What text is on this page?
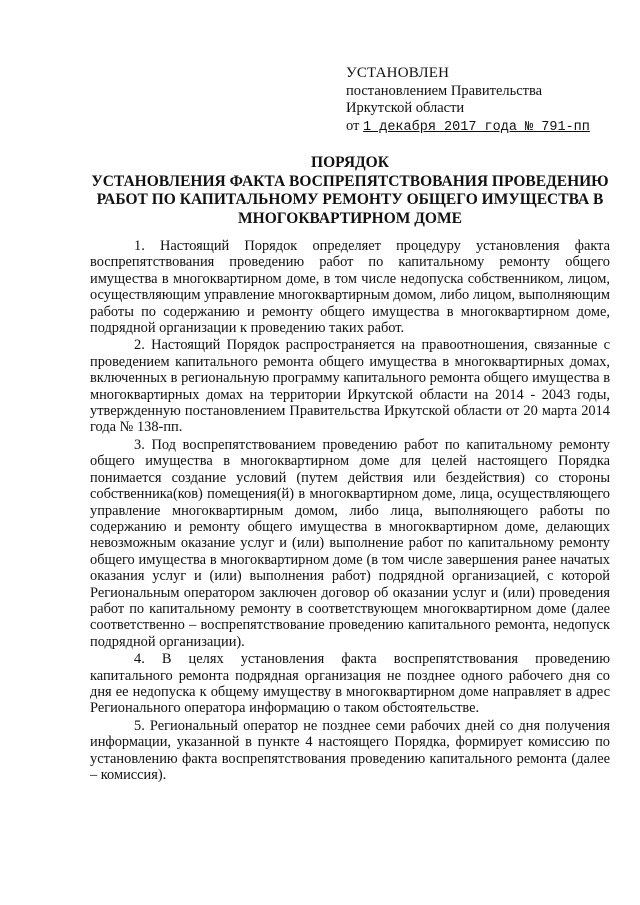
УСТАНОВЛЕН
постановлением Правительства
Иркутской области
от 1 декабря 2017 года № 791-пп
ПОРЯДОК
УСТАНОВЛЕНИЯ ФАКТА ВОСПРЕПЯТСТВОВАНИЯ ПРОВЕДЕНИЮ
РАБОТ ПО КАПИТАЛЬНОМУ РЕМОНТУ ОБЩЕГО ИМУЩЕСТВА В
МНОГОКВАРТИРНОМ ДОМЕ

1. Настоящий Порядок определяет процедуру установления факта воспрепятствования проведению работ по капитальному ремонту общего имущества в многоквартирном доме, в том числе недопуска собственником, лицом, осуществляющим управление многоквартирным домом, либо лицом, выполняющим работы по содержанию и ремонту общего имущества в многоквартирном доме, подрядной организации к проведению таких работ.

2. Настоящий Порядок распространяется на правоотношения, связанные с проведением капитального ремонта общего имущества в многоквартирных домах, включенных в региональную программу капитального ремонта общего имущества в многоквартирных домах на территории Иркутской области на 2014 - 2043 годы, утвержденную постановлением Правительства Иркутской области от 20 марта 2014 года № 138-пп.

3. Под воспрепятствованием проведению работ по капитальному ремонту общего имущества в многоквартирном доме для целей настоящего Порядка понимается создание условий (путем действия или бездействия) со стороны собственника(ков) помещения(й) в многоквартирном доме, лица, осуществляющего управление многоквартирным домом, либо лица, выполняющего работы по содержанию и ремонту общего имущества в многоквартирном доме, делающих невозможным оказание услуг и (или) выполнение работ по капитальному ремонту общего имущества в многоквартирном доме (в том числе завершения ранее начатых оказания услуг и (или) выполнения работ) подрядной организацией, с которой Региональным оператором заключен договор об оказании услуг и (или) проведения работ по капитальному ремонту в соответствующем многоквартирном доме (далее соответственно – воспрепятствование проведению капитального ремонта, недопуск подрядной организации).

4. В целях установления факта воспрепятствования проведению капитального ремонта подрядная организация не позднее одного рабочего дня со дня ее недопуска к общему имуществу в многоквартирном доме направляет в адрес Регионального оператора информацию о таком обстоятельстве.

5. Региональный оператор не позднее семи рабочих дней со дня получения информации, указанной в пункте 4 настоящего Порядка, формирует комиссию по установлению факта воспрепятствования проведению капитального ремонта (далее – комиссия).
